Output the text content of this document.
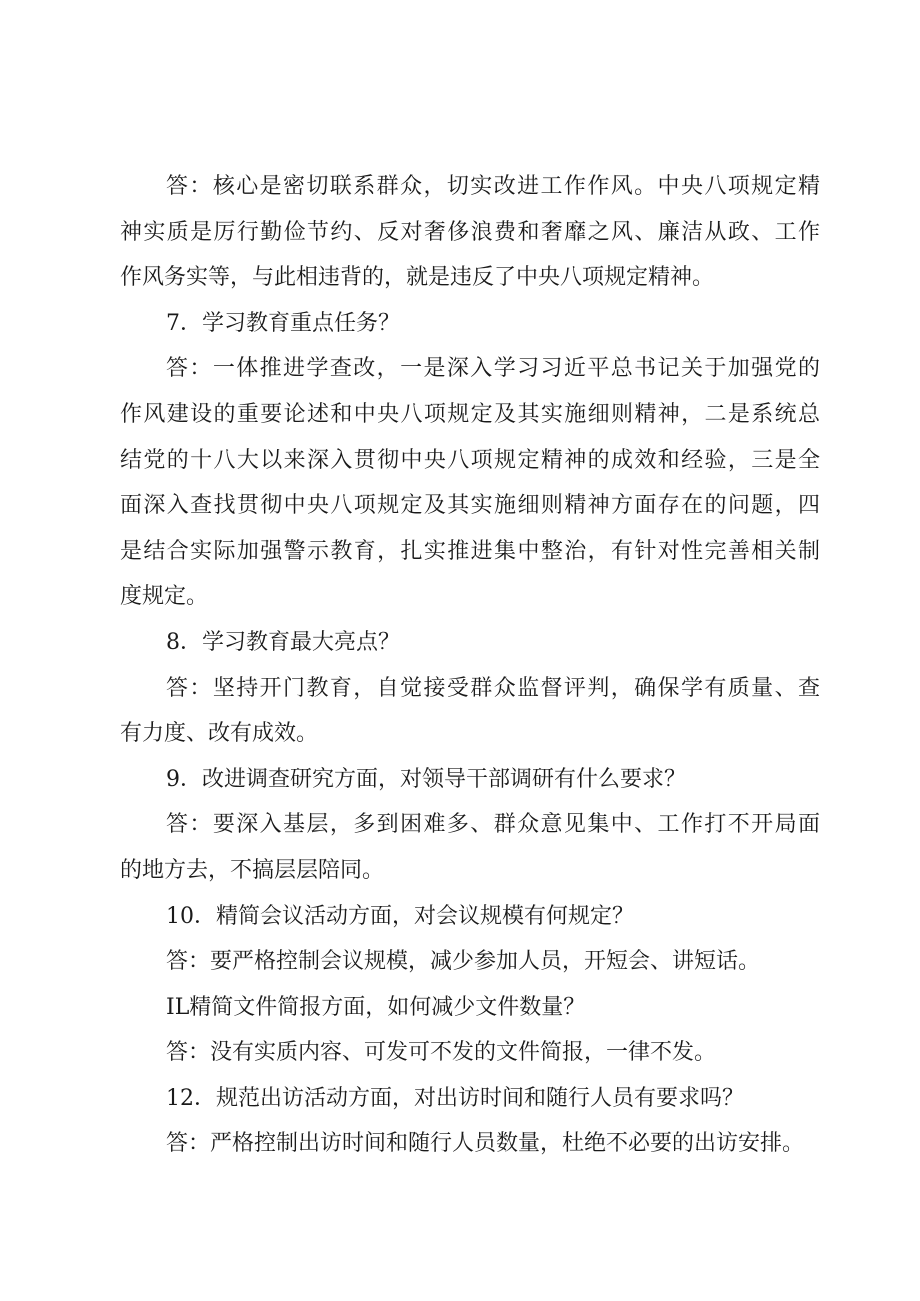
答：核心是密切联系群众，切实改进工作作风。中央八项规定精
神实质是厉行勤俭节约、反对奢侈浪费和奢靡之风、廉洁从政、工作
作风务实等，与此相违背的，就是违反了中央八项规定精神。
7．学习教育重点任务？
答：一体推进学查改，一是深入学习习近平总书记关于加强党的
作风建设的重要论述和中央八项规定及其实施细则精神，二是系统总
结党的十八大以来深入贯彻中央八项规定精神的成效和经验，三是全
面深入查找贯彻中央八项规定及其实施细则精神方面存在的问题，四
是结合实际加强警示教育，扎实推进集中整治，有针对性完善相关制
度规定。
8．学习教育最大亮点？
答：坚持开门教育，自觉接受群众监督评判，确保学有质量、查
有力度、改有成效。
9．改进调查研究方面，对领导干部调研有什么要求？
答：要深入基层，多到困难多、群众意见集中、工作打不开局面
的地方去，不搞层层陪同。
10．精简会议活动方面，对会议规模有何规定？
答：要严格控制会议规模，减少参加人员，开短会、讲短话。
IL精简文件简报方面，如何减少文件数量？
答：没有实质内容、可发可不发的文件简报，一律不发。
12．规范出访活动方面，对出访时间和随行人员有要求吗？
答：严格控制出访时间和随行人员数量，杜绝不必要的出访安排。
